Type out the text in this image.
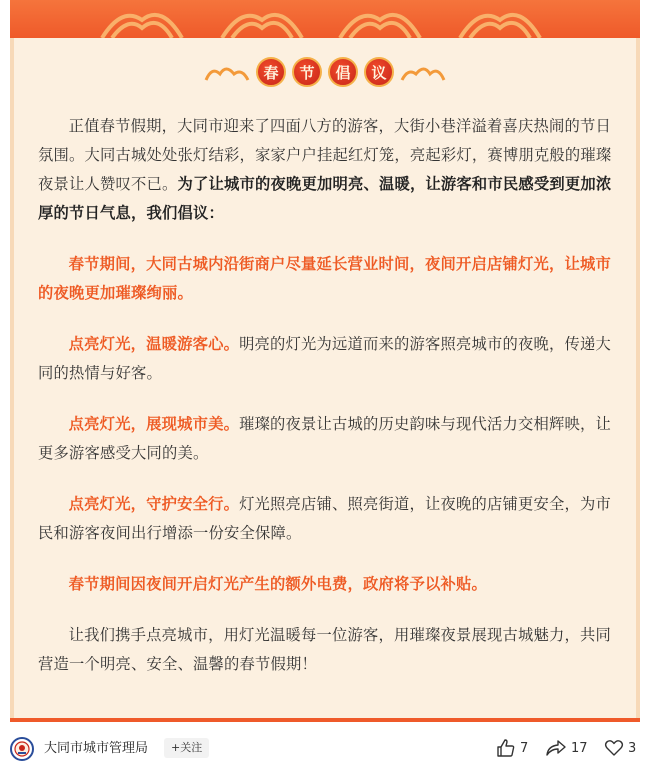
春	节	倡	议

正值春节假期，大同市迎来了四面八方的游客，大街小巷洋溢着喜庆热闹的节日氛围。大同古城处处张灯结彩，家家户户挂起红灯笼，亮起彩灯，赛博朋克般的璀璨夜景让人赞叹不已。为了让城市的夜晚更加明亮、温暖，让游客和市民感受到更加浓厚的节日气息，我们倡议：

春节期间，大同古城内沿街商户尽量延长营业时间，夜间开启店铺灯光，让城市的夜晚更加璀璨绚丽。

点亮灯光，温暖游客心。明亮的灯光为远道而来的游客照亮城市的夜晚，传递大同的热情与好客。

点亮灯光，展现城市美。璀璨的夜景让古城的历史韵味与现代活力交相辉映，让更多游客感受大同的美。

点亮灯光，守护安全行。灯光照亮店铺、照亮街道，让夜晚的店铺更安全，为市民和游客夜间出行增添一份安全保障。

春节期间因夜间开启灯光产生的额外电费，政府将予以补贴。

让我们携手点亮城市，用灯光温暖每一位游客，用璀璨夜景展现古城魅力，共同营造一个明亮、安全、温馨的春节假期！

大同市城市管理局	+关注	7	17	3
